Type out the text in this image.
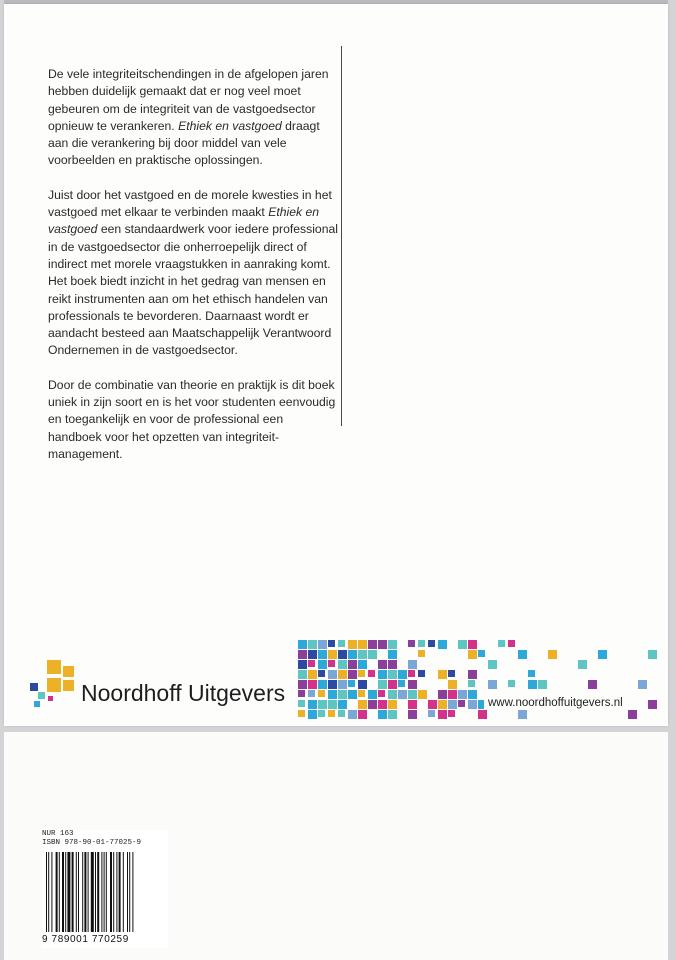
De vele integriteitschendingen in de afgelopen jaren hebben duidelijk gemaakt dat er nog veel moet gebeuren om de integriteit van de vastgoedsector opnieuw te verankeren. Ethiek en vastgoed draagt aan die verankering bij door middel van vele voorbeelden en praktische oplossingen.

Juist door het vastgoed en de morele kwesties in het vastgoed met elkaar te verbinden maakt Ethiek en vastgoed een standaardwerk voor iedere professional in de vastgoedsector die onherroepelijk direct of indirect met morele vraagstukken in aanraking komt. Het boek biedt inzicht in het gedrag van mensen en reikt instrumenten aan om het ethisch handelen van professionals te bevorderen. Daarnaast wordt er aandacht besteed aan Maatschappelijk Verantwoord Ondernemen in de vastgoedsector.

Door de combinatie van theorie en praktijk is dit boek uniek in zijn soort en is het voor studenten eenvoudig en toegankelijk en voor de professional een handboek voor het opzetten van integriteit-management.

Noordhoff Uitgevers	www.noordhoffuitgevers.nl
NUR 163
ISBN 978-90-01-77025-9
9 789001 770259
